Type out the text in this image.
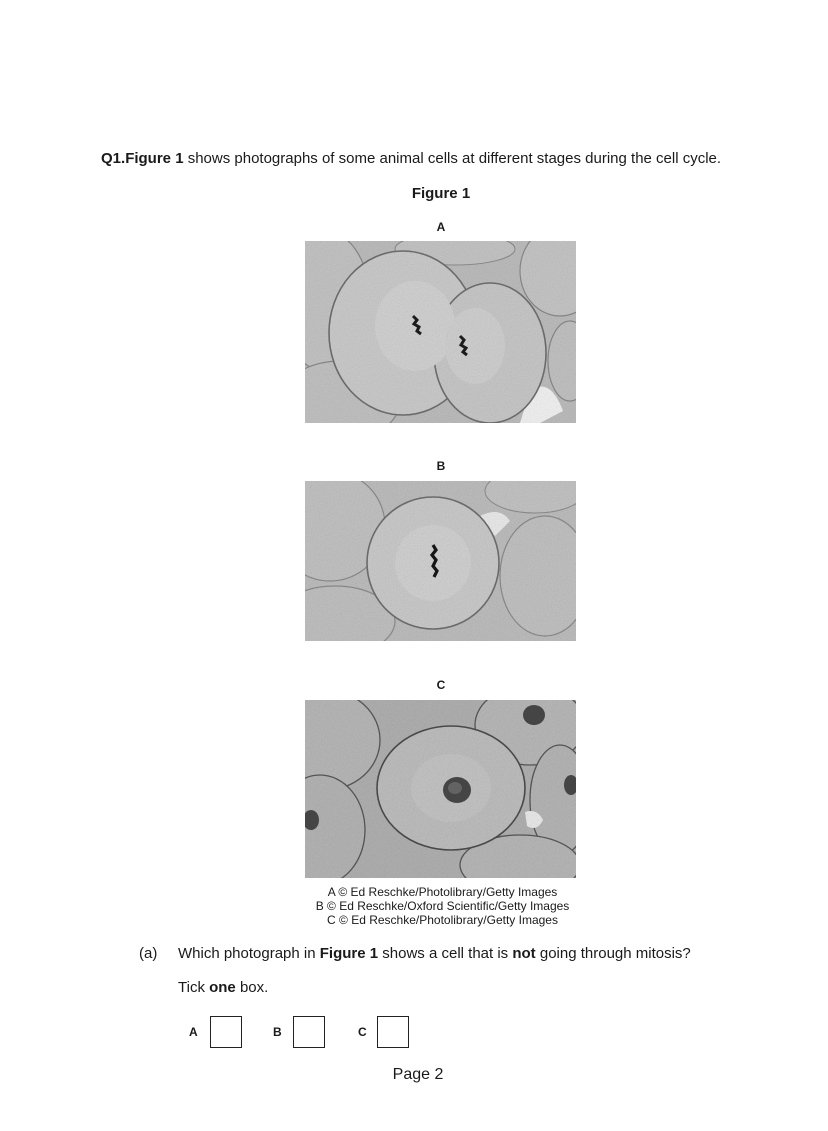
Q1.Figure 1 shows photographs of some animal cells at different stages during the cell cycle.
Figure 1
A
B
C
A © Ed Reschke/Photolibrary/Getty Images
B © Ed Reschke/Oxford Scientific/Getty Images
C © Ed Reschke/Photolibrary/Getty Images
(a) Which photograph in Figure 1 shows a cell that is not going through mitosis?
Tick one box.
A	B	C
Page 2
